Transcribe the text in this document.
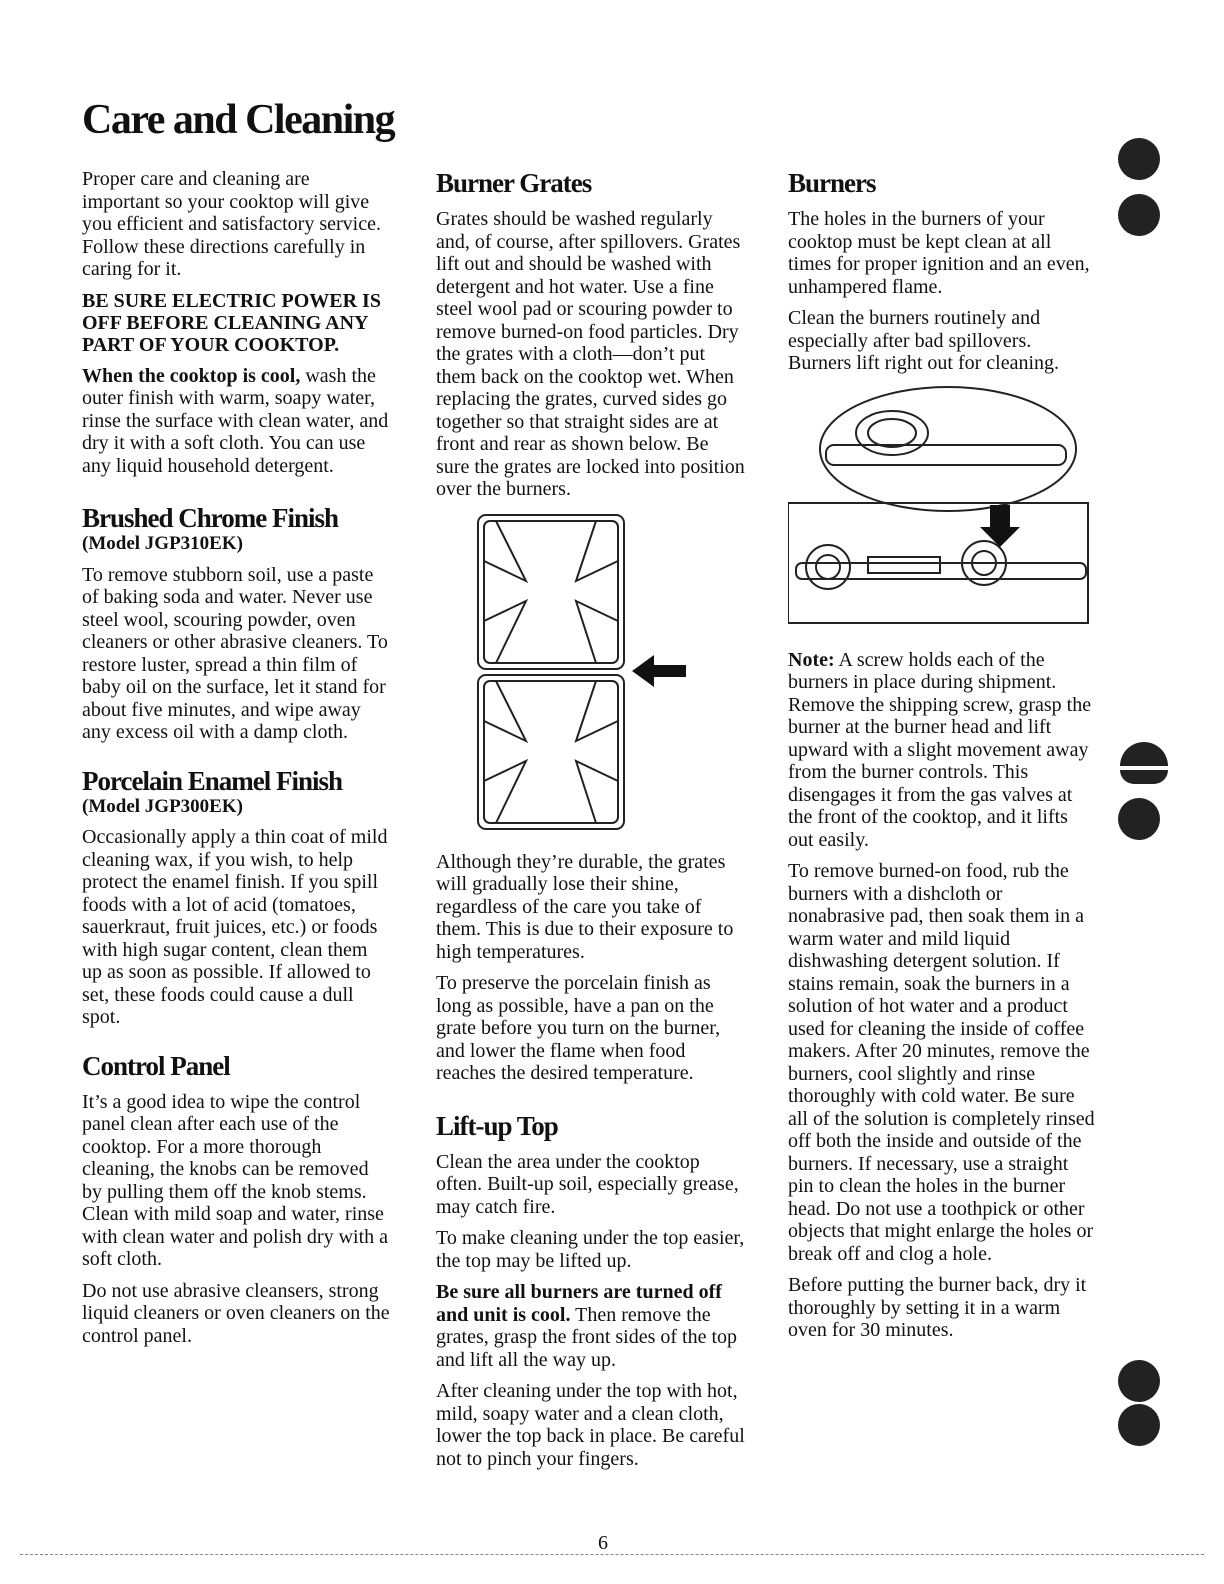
Care and Cleaning

Proper care and cleaning are important so your cooktop will give you efficient and satisfactory service. Follow these directions carefully in caring for it.

BE SURE ELECTRIC POWER IS OFF BEFORE CLEANING ANY PART OF YOUR COOKTOP.

When the cooktop is cool, wash the outer finish with warm, soapy water, rinse the surface with clean water, and dry it with a soft cloth. You can use any liquid household detergent.

Brushed Chrome Finish
(Model JGP310EK)

To remove stubborn soil, use a paste of baking soda and water. Never use steel wool, scouring powder, oven cleaners or other abrasive cleaners. To restore luster, spread a thin film of baby oil on the surface, let it stand for about five minutes, and wipe away any excess oil with a damp cloth.

Porcelain Enamel Finish
(Model JGP300EK)

Occasionally apply a thin coat of mild cleaning wax, if you wish, to help protect the enamel finish. If you spill foods with a lot of acid (tomatoes, sauerkraut, fruit juices, etc.) or foods with high sugar content, clean them up as soon as possible. If allowed to set, these foods could cause a dull spot.

Control Panel

It’s a good idea to wipe the control panel clean after each use of the cooktop. For a more thorough cleaning, the knobs can be removed by pulling them off the knob stems. Clean with mild soap and water, rinse with clean water and polish dry with a soft cloth.

Do not use abrasive cleansers, strong liquid cleaners or oven cleaners on the control panel.

Burner Grates

Grates should be washed regularly and, of course, after spillovers. Grates lift out and should be washed with detergent and hot water. Use a fine steel wool pad or scouring powder to remove burned-on food particles. Dry the grates with a cloth—don’t put them back on the cooktop wet. When replacing the grates, curved sides go together so that straight sides are at front and rear as shown below. Be sure the grates are locked into position over the burners.

Although they’re durable, the grates will gradually lose their shine, regardless of the care you take of them. This is due to their exposure to high temperatures.

To preserve the porcelain finish as long as possible, have a pan on the grate before you turn on the burner, and lower the flame when food reaches the desired temperature.

Lift-up Top

Clean the area under the cooktop often. Built-up soil, especially grease, may catch fire.

To make cleaning under the top easier, the top may be lifted up.

Be sure all burners are turned off and unit is cool. Then remove the grates, grasp the front sides of the top and lift all the way up.

After cleaning under the top with hot, mild, soapy water and a clean cloth, lower the top back in place. Be careful not to pinch your fingers.

Burners

The holes in the burners of your cooktop must be kept clean at all times for proper ignition and an even, unhampered flame.

Clean the burners routinely and especially after bad spillovers. Burners lift right out for cleaning.

Note: A screw holds each of the burners in place during shipment. Remove the shipping screw, grasp the burner at the burner head and lift upward with a slight movement away from the burner controls. This disengages it from the gas valves at the front of the cooktop, and it lifts out easily.

To remove burned-on food, rub the burners with a dishcloth or nonabrasive pad, then soak them in a warm water and mild liquid dishwashing detergent solution. If stains remain, soak the burners in a solution of hot water and a product used for cleaning the inside of coffee makers. After 20 minutes, remove the burners, cool slightly and rinse thoroughly with cold water. Be sure all of the solution is completely rinsed off both the inside and outside of the burners. If necessary, use a straight pin to clean the holes in the burner head. Do not use a toothpick or other objects that might enlarge the holes or break off and clog a hole.

Before putting the burner back, dry it thoroughly by setting it in a warm oven for 30 minutes.

6
